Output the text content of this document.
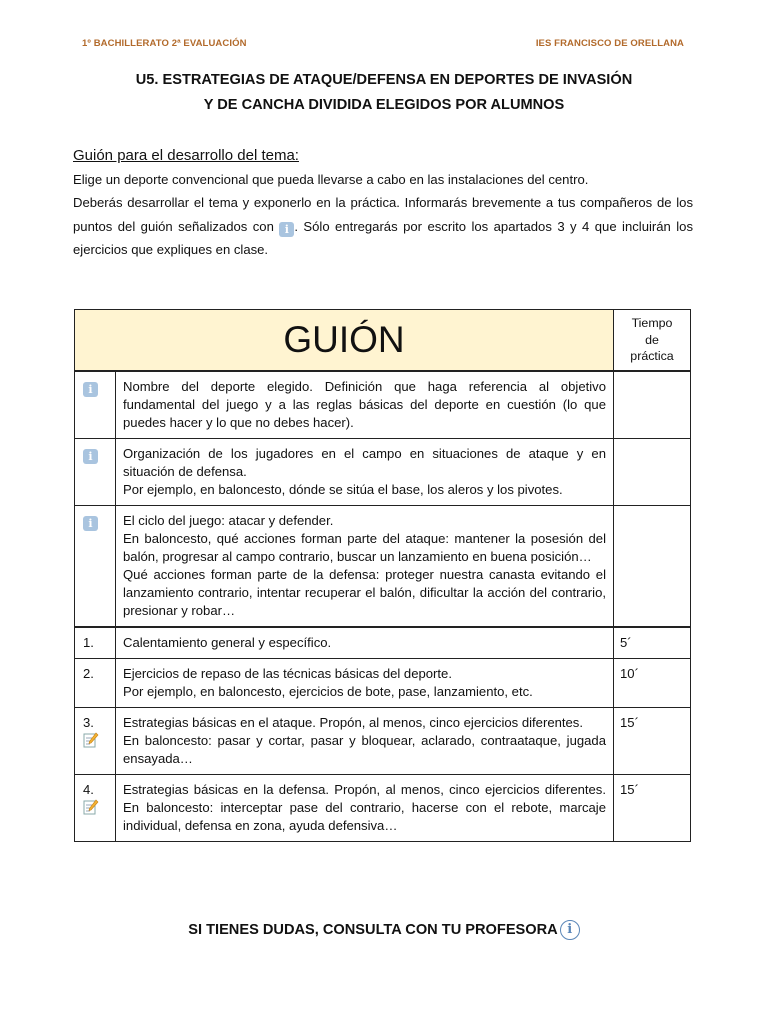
1º BACHILLERATO 2ª EVALUACIÓN	IES FRANCISCO DE ORELLANA
U5. ESTRATEGIAS DE ATAQUE/DEFENSA EN DEPORTES DE INVASIÓN
Y DE CANCHA DIVIDIDA ELEGIDOS POR ALUMNOS
Guión para el desarrollo del tema:

Elige un deporte convencional que pueda llevarse a cabo en las instalaciones del centro.

Deberás desarrollar el tema y exponerlo en la práctica. Informarás brevemente a tus compañeros de los puntos del guión señalizados con i . Sólo entregarás por escrito los apartados 3 y 4 que incluirán los ejercicios que expliques en clase.

GUIÓN		Tiempo
de
práctica

i	Nombre del deporte elegido. Definición que haga referencia al objetivo fundamental del juego y a las reglas básicas del deporte en cuestión (lo que puedes hacer y lo que no debes hacer).	
i	Organización de los jugadores en el campo en situaciones de ataque y en situación de defensa.
Por ejemplo, en baloncesto, dónde se sitúa el base, los aleros y los pivotes.	

i	El ciclo del juego: atacar y defender.
En baloncesto, qué acciones forman parte del ataque: mantener la posesión del balón, progresar al campo contrario, buscar un lanzamiento en buena posición…
Qué acciones forman parte de la defensa: proteger nuestra canasta evitando el lanzamiento contrario, intentar recuperar el balón, dificultar la acción del contrario, presionar y robar…	

1.	Calentamiento general y específico.	5´
2.	Ejercicios de repaso de las técnicas básicas del deporte.
Por ejemplo, en baloncesto, ejercicios de bote, pase, lanzamiento, etc.	10´

3.	Estrategias básicas en el ataque. Propón, al menos, cinco ejercicios diferentes.
En baloncesto: pasar y cortar, pasar y bloquear, aclarado, contraataque, jugada ensayada…	15´

4.	Estrategias básicas en la defensa. Propón, al menos, cinco ejercicios diferentes. En baloncesto: interceptar pase del contrario, hacerse con el rebote, marcaje individual, defensa en zona, ayuda defensiva…	15´
SI TIENES DUDAS, CONSULTA CON TU PROFESORA i
